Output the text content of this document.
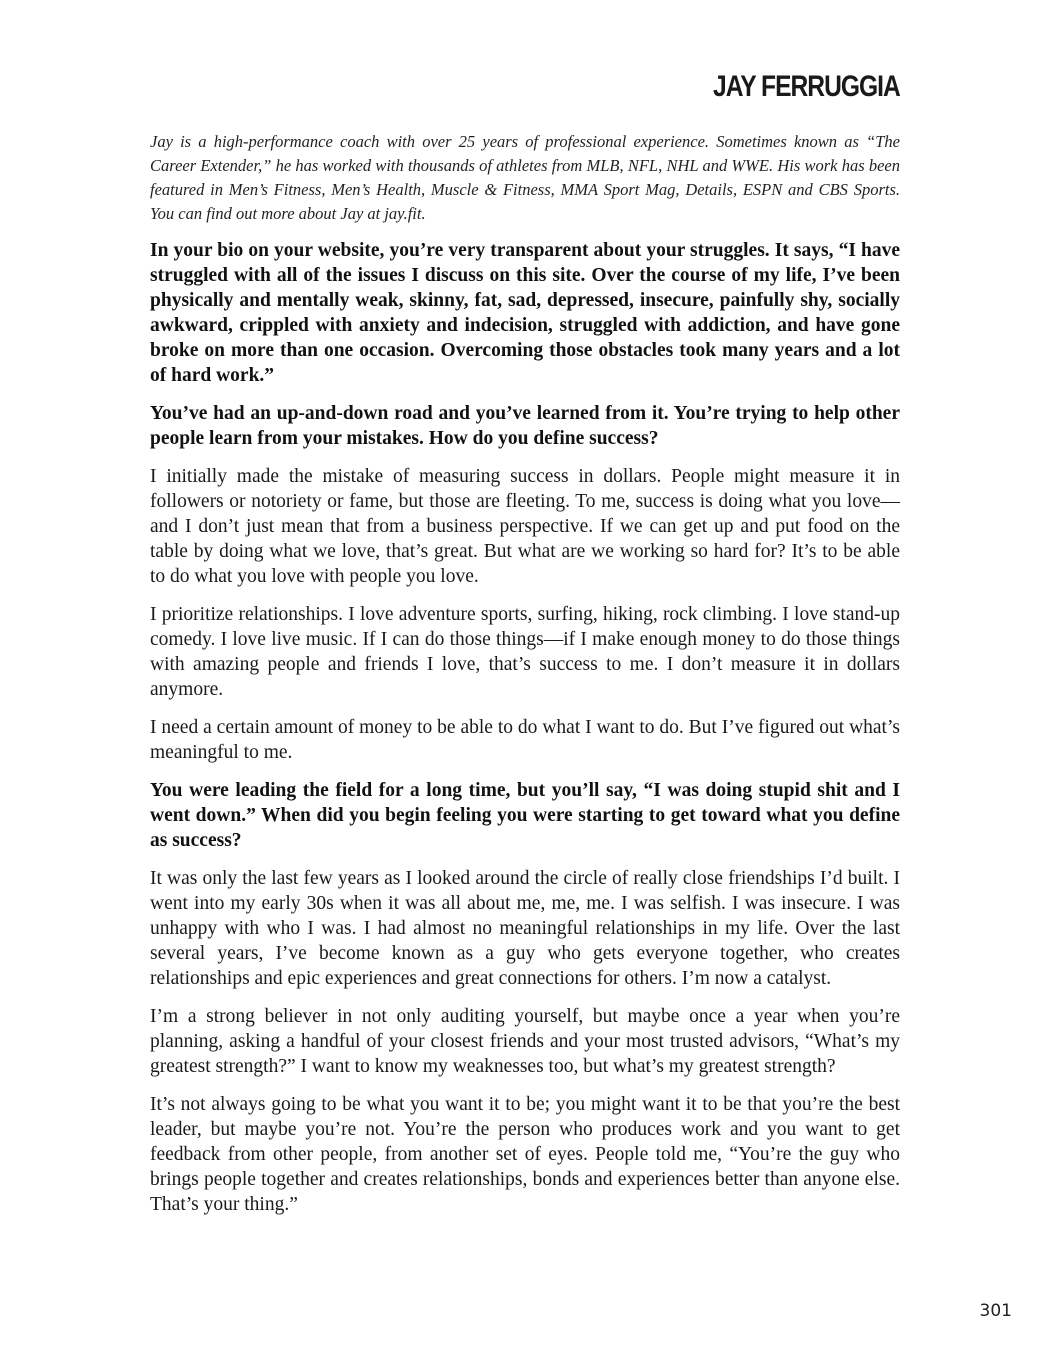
JAY FERRUGGIA

Jay is a high-performance coach with over 25 years of professional experience. Sometimes known as “The Career Extender,” he has worked with thousands of athletes from MLB, NFL, NHL and WWE. His work has been featured in Men’s Fitness, Men’s Health, Muscle & Fitness, MMA Sport Mag, Details, ESPN and CBS Sports. You can find out more about Jay at jay.fit.

In your bio on your website, you’re very transparent about your struggles. It says, “I have struggled with all of the issues I discuss on this site. Over the course of my life, I’ve been physically and mentally weak, skinny, fat, sad, depressed, insecure, painfully shy, socially awkward, crippled with anxiety and indecision, struggled with addiction, and have gone broke on more than one occasion. Overcoming those obstacles took many years and a lot of hard work.”

You’ve had an up-and-down road and you’ve learned from it. You’re trying to help other people learn from your mistakes. How do you define success?

I initially made the mistake of measuring success in dollars. People might measure it in followers or notoriety or fame, but those are fleeting. To me, success is doing what you love—and I don’t just mean that from a business perspective. If we can get up and put food on the table by doing what we love, that’s great. But what are we working so hard for? It’s to be able to do what you love with people you love.

I prioritize relationships. I love adventure sports, surfing, hiking, rock climbing. I love stand-up comedy. I love live music. If I can do those things—if I make enough money to do those things with amazing people and friends I love, that’s success to me. I don’t measure it in dollars anymore.

I need a certain amount of money to be able to do what I want to do. But I’ve figured out what’s meaningful to me.

You were leading the field for a long time, but you’ll say, “I was doing stupid shit and I went down.” When did you begin feeling you were starting to get toward what you define as success?

It was only the last few years as I looked around the circle of really close friendships I’d built. I went into my early 30s when it was all about me, me, me. I was selfish. I was insecure. I was unhappy with who I was. I had almost no meaningful relationships in my life. Over the last several years, I’ve become known as a guy who gets everyone together, who creates relationships and epic experiences and great connections for others. I’m now a catalyst.

I’m a strong believer in not only auditing yourself, but maybe once a year when you’re planning, asking a handful of your closest friends and your most trusted advisors, “What’s my greatest strength?” I want to know my weaknesses too, but what’s my greatest strength?

It’s not always going to be what you want it to be; you might want it to be that you’re the best leader, but maybe you’re not. You’re the person who produces work and you want to get feedback from other people, from another set of eyes. People told me, “You’re the guy who brings people together and creates relationships, bonds and experiences better than anyone else. That’s your thing.”

301
